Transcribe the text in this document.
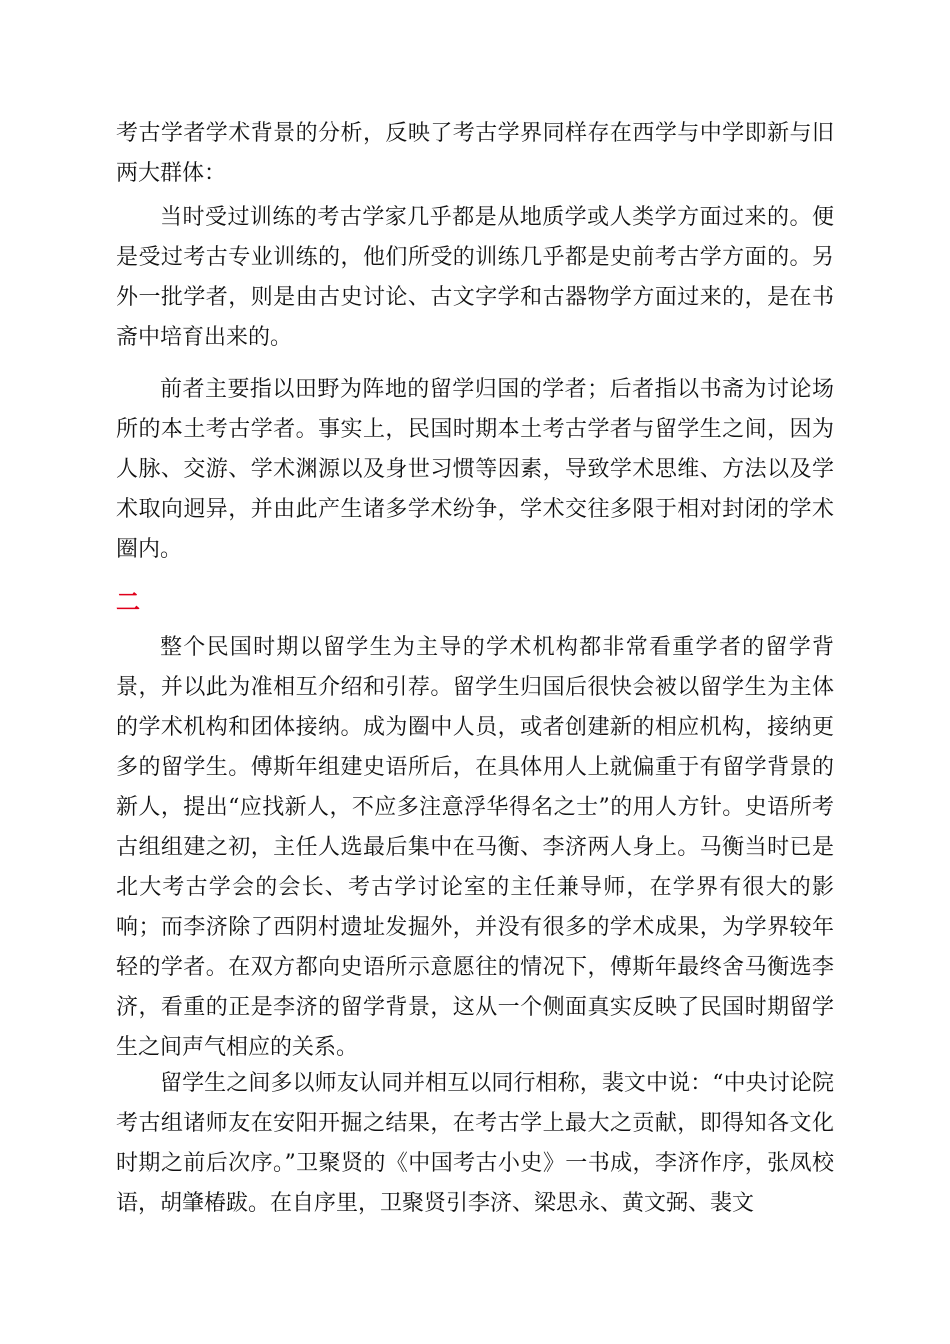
考古学者学术背景的分析，反映了考古学界同样存在西学与中学即新与旧两大群体：

当时受过训练的考古学家几乎都是从地质学或人类学方面过来的。便是受过考古专业训练的，他们所受的训练几乎都是史前考古学方面的。另外一批学者，则是由古史讨论、古文字学和古器物学方面过来的，是在书斋中培育出来的。

前者主要指以田野为阵地的留学归国的学者；后者指以书斋为讨论场所的本土考古学者。事实上，民国时期本土考古学者与留学生之间，因为人脉、交游、学术渊源以及身世习惯等因素，导致学术思维、方法以及学术取向迥异，并由此产生诸多学术纷争，学术交往多限于相对封闭的学术圈内。

二

整个民国时期以留学生为主导的学术机构都非常看重学者的留学背景，并以此为准相互介绍和引荐。留学生归国后很快会被以留学生为主体的学术机构和团体接纳。成为圈中人员，或者创建新的相应机构，接纳更多的留学生。傅斯年组建史语所后，在具体用人上就偏重于有留学背景的新人，提出“应找新人，不应多注意浮华得名之士”的用人方针。史语所考古组组建之初，主任人选最后集中在马衡、李济两人身上。马衡当时已是北大考古学会的会长、考古学讨论室的主任兼导师，在学界有很大的影响；而李济除了西阴村遗址发掘外，并没有很多的学术成果，为学界较年轻的学者。在双方都向史语所示意愿往的情况下，傅斯年最终舍马衡选李济，看重的正是李济的留学背景，这从一个侧面真实反映了民国时期留学生之间声气相应的关系。

留学生之间多以师友认同并相互以同行相称，裴文中说：“中央讨论院考古组诸师友在安阳开掘之结果，在考古学上最大之贡献，即得知各文化时期之前后次序。”卫聚贤的《中国考古小史》一书成，李济作序，张凤校语，胡肇椿跋。在自序里，卫聚贤引李济、梁思永、黄文弼、裴文
